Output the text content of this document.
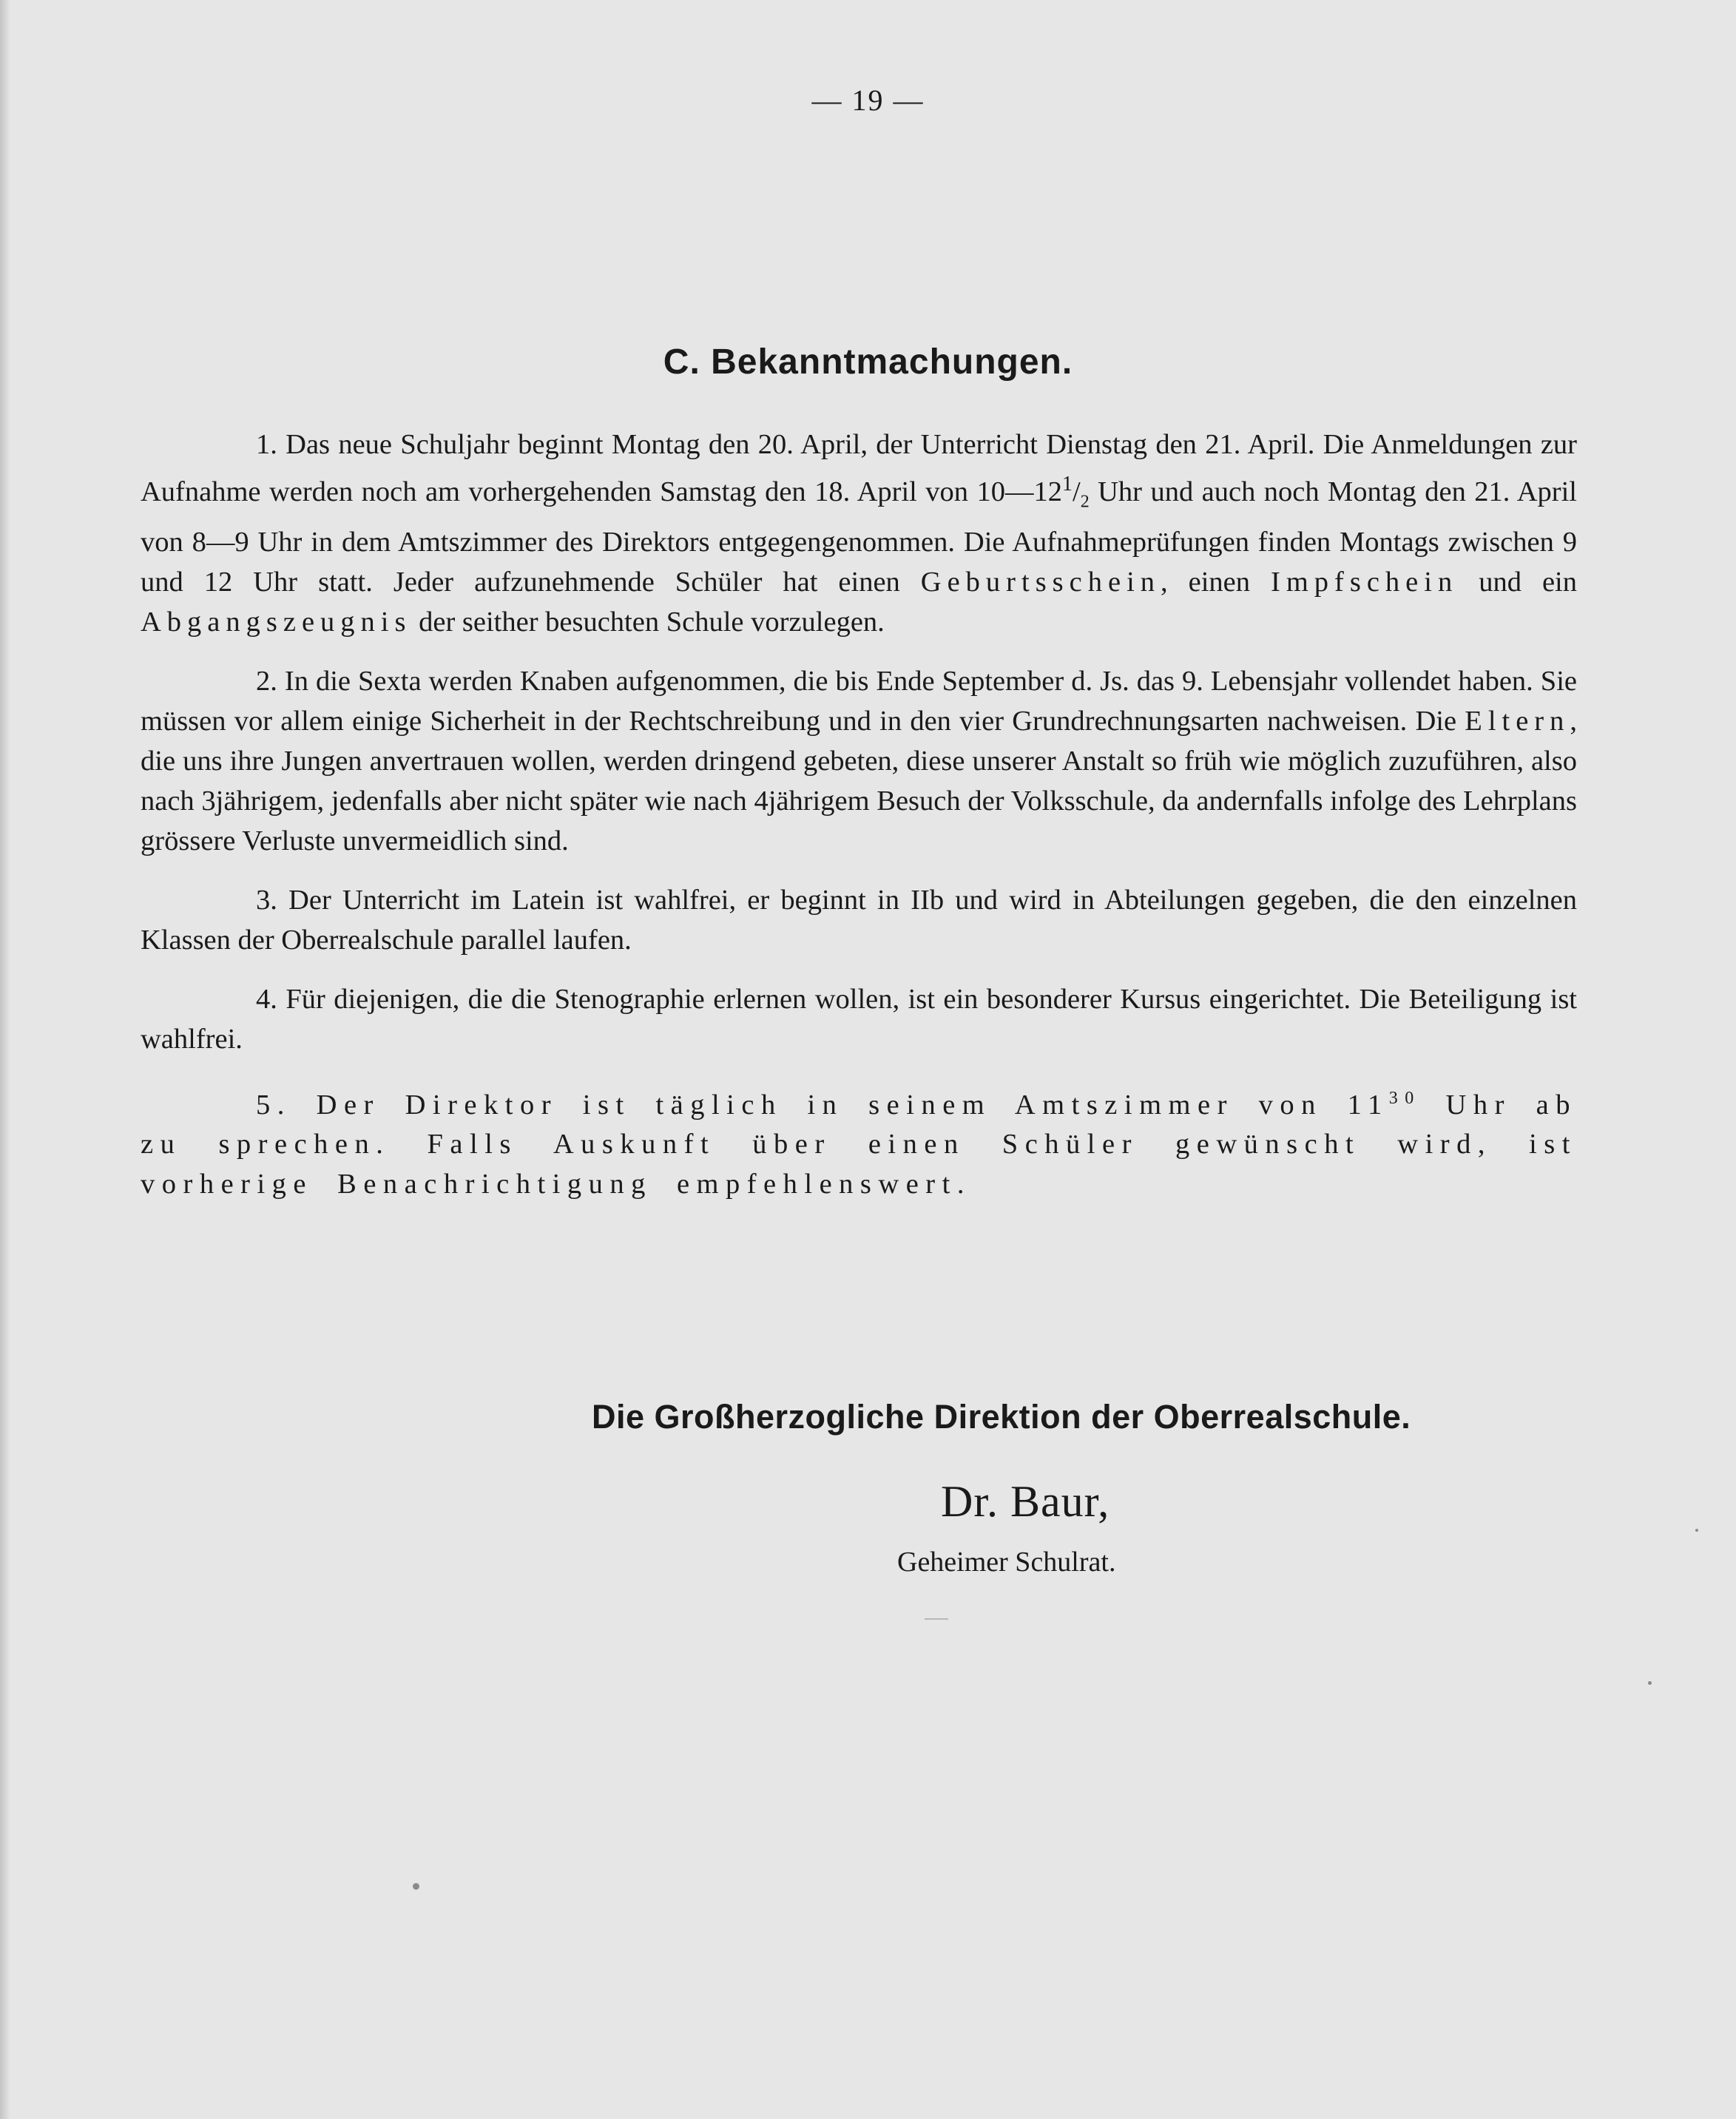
— 19 —
C. Bekanntmachungen.

1. Das neue Schuljahr beginnt Montag den 20. April, der Unterricht Dienstag den 21. April. Die Anmeldungen zur Aufnahme werden noch am vorhergehenden Samstag den 18. April von $10—12^1/_2$ Uhr und auch noch Montag den 21. April von 8—9 Uhr in dem Amtszimmer des Direktors entgegengenommen. Die Aufnahmeprüfungen finden Montags zwischen 9 und 12 Uhr statt. Jeder aufzunehmende Schüler hat einen Geburtsschein, einen Impfschein und ein Abgangszeugnis der seither besuchten Schule vorzulegen.

2. In die Sexta werden Knaben aufgenommen, die bis Ende September d. Js. das 9. Lebensjahr vollendet haben. Sie müssen vor allem einige Sicherheit in der Rechtschreibung und in den vier Grundrechnungsarten nachweisen. Die Eltern, die uns ihre Jungen anvertrauen wollen, werden dringend gebeten, diese unserer Anstalt so früh wie möglich zuzuführen, also nach 3jährigem, jedenfalls aber nicht später wie nach 4jährigem Besuch der Volksschule, da andernfalls infolge des Lehrplans grössere Verluste unvermeidlich sind.

3. Der Unterricht im Latein ist wahlfrei, er beginnt in IIb und wird in Abteilungen gegeben, die den einzelnen Klassen der Oberrealschule parallel laufen.

4. Für diejenigen, die die Stenographie erlernen wollen, ist ein besonderer Kursus eingerichtet. Die Beteiligung ist wahlfrei.

5. Der Direktor ist täglich in seinem Amtszimmer von $11^{30}$ Uhr ab zu sprechen. Falls Auskunft über einen Schüler gewünscht wird, ist vorherige Benachrichtigung empfehlenswert.

Die Großherzogliche Direktion der Oberrealschule.
Dr. Baur,
Geheimer Schulrat.
